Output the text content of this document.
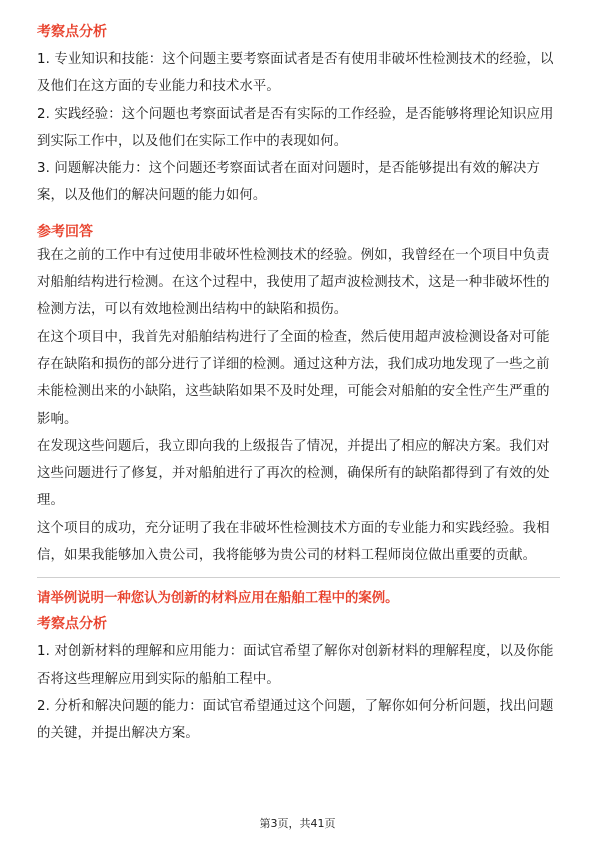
考察点分析

1. 专业知识和技能：这个问题主要考察面试者是否有使用非破坏性检测技术的经验，以及他们在这方面的专业能力和技术水平。

2. 实践经验：这个问题也考察面试者是否有实际的工作经验，是否能够将理论知识应用到实际工作中，以及他们在实际工作中的表现如何。

3. 问题解决能力：这个问题还考察面试者在面对问题时，是否能够提出有效的解决方案，以及他们的解决问题的能力如何。

参考回答

我在之前的工作中有过使用非破坏性检测技术的经验。例如，我曾经在一个项目中负责对船舶结构进行检测。在这个过程中，我使用了超声波检测技术，这是一种非破坏性的检测方法，可以有效地检测出结构中的缺陷和损伤。

在这个项目中，我首先对船舶结构进行了全面的检查，然后使用超声波检测设备对可能存在缺陷和损伤的部分进行了详细的检测。通过这种方法，我们成功地发现了一些之前未能检测出来的小缺陷，这些缺陷如果不及时处理，可能会对船舶的安全性产生严重的影响。

在发现这些问题后，我立即向我的上级报告了情况，并提出了相应的解决方案。我们对这些问题进行了修复，并对船舶进行了再次的检测，确保所有的缺陷都得到了有效的处理。

这个项目的成功，充分证明了我在非破坏性检测技术方面的专业能力和实践经验。我相信，如果我能够加入贵公司，我将能够为贵公司的材料工程师岗位做出重要的贡献。

请举例说明一种您认为创新的材料应用在船舶工程中的案例。

考察点分析

1. 对创新材料的理解和应用能力：面试官希望了解你对创新材料的理解程度，以及你能否将这些理解应用到实际的船舶工程中。

2. 分析和解决问题的能力：面试官希望通过这个问题，了解你如何分析问题，找出问题的关键，并提出解决方案。

第3页，共41页
